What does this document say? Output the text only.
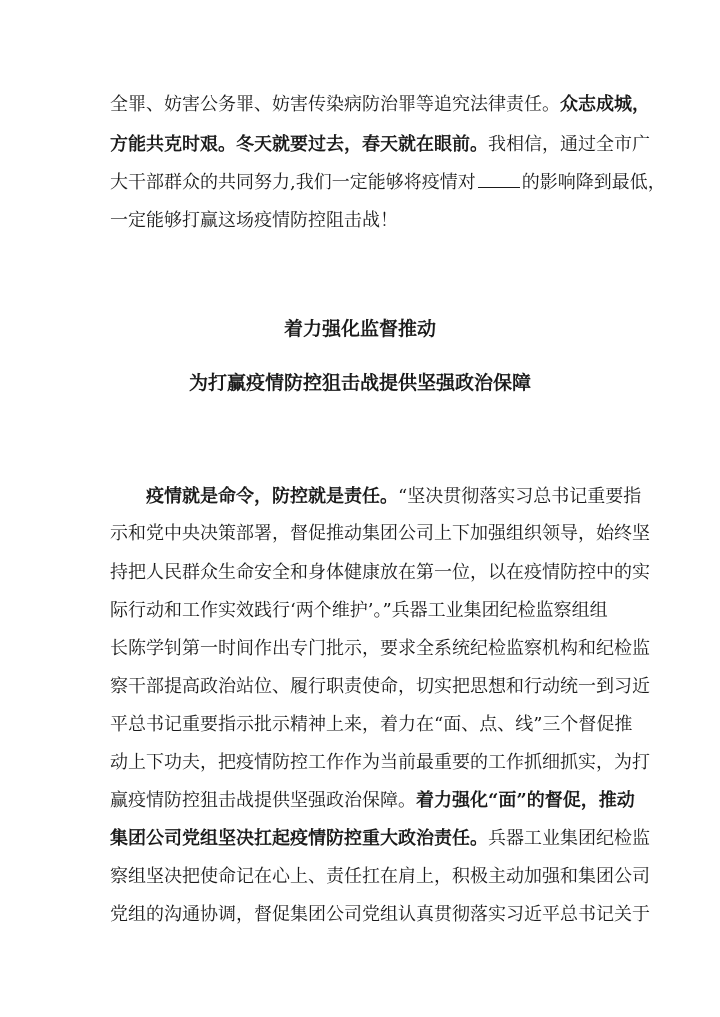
全罪、妨害公务罪、妨害传染病防治罪等追究法律责任。众志成城，
方能共克时艰。冬天就要过去，春天就在眼前。我相信，通过全市广
大干部群众的共同努力,我们一定能够将疫情对	的影响降到最低，
一定能够打赢这场疫情防控阻击战！
着力强化监督推动
为打赢疫情防控狙击战提供坚强政治保障
疫情就是命令，防控就是责任。“坚决贯彻落实习总书记重要指
示和党中央决策部署，督促推动集团公司上下加强组织领导，始终坚
持把人民群众生命安全和身体健康放在第一位，以在疫情防控中的实
际行动和工作实效践行‘两个维护’。”兵器工业集团纪检监察组组
长陈学钊第一时间作出专门批示，要求全系统纪检监察机构和纪检监
察干部提高政治站位、履行职责使命，切实把思想和行动统一到习近
平总书记重要指示批示精神上来，着力在“面、点、线”三个督促推
动上下功夫，把疫情防控工作作为当前最重要的工作抓细抓实，为打
赢疫情防控狙击战提供坚强政治保障。着力强化“面”的督促，推动
集团公司党组坚决扛起疫情防控重大政治责任。兵器工业集团纪检监
察组坚决把使命记在心上、责任扛在肩上，积极主动加强和集团公司
党组的沟通协调，督促集团公司党组认真贯彻落实习近平总书记关于
